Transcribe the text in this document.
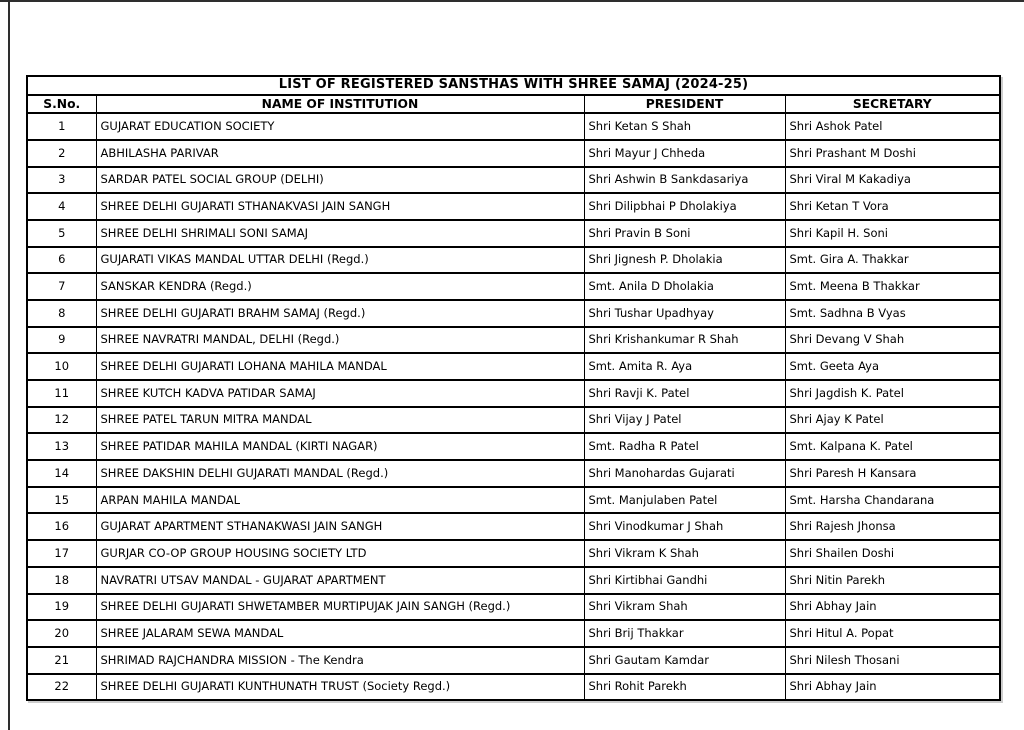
LIST OF REGISTERED SANSTHAS WITH SHREE SAMAJ (2024-25)			
S.No.	NAME OF INSTITUTION	PRESIDENT	SECRETARY
1	GUJARAT EDUCATION SOCIETY	Shri Ketan S Shah	Shri Ashok Patel
2	ABHILASHA PARIVAR	Shri Mayur J Chheda	Shri Prashant M Doshi
3	SARDAR PATEL SOCIAL GROUP (DELHI)	Shri Ashwin B Sankdasariya	Shri Viral M Kakadiya
4	SHREE DELHI GUJARATI STHANAKVASI JAIN SANGH	Shri Dilipbhai P Dholakiya	Shri Ketan T Vora
5	SHREE DELHI SHRIMALI SONI SAMAJ	Shri Pravin B Soni	Shri Kapil H. Soni
6	GUJARATI VIKAS MANDAL UTTAR DELHI (Regd.)	Shri Jignesh P. Dholakia	Smt. Gira A. Thakkar
7	SANSKAR KENDRA (Regd.)	Smt. Anila D Dholakia	Smt. Meena B Thakkar
8	SHREE DELHI GUJARATI BRAHM SAMAJ (Regd.)	Shri Tushar Upadhyay	Smt. Sadhna B Vyas
9	SHREE NAVRATRI MANDAL, DELHI (Regd.)	Shri Krishankumar R Shah	Shri Devang V Shah
10	SHREE DELHI GUJARATI LOHANA MAHILA MANDAL	Smt. Amita R. Aya	Smt. Geeta Aya
11	SHREE KUTCH KADVA PATIDAR SAMAJ	Shri Ravji K. Patel	Shri Jagdish K. Patel
12	SHREE PATEL TARUN MITRA MANDAL	Shri Vijay J Patel	Shri Ajay K Patel
13	SHREE PATIDAR MAHILA MANDAL (KIRTI NAGAR)	Smt. Radha R Patel	Smt. Kalpana K. Patel
14	SHREE DAKSHIN DELHI GUJARATI MANDAL (Regd.)	Shri Manohardas Gujarati	Shri Paresh H Kansara
15	ARPAN MAHILA MANDAL	Smt. Manjulaben Patel	Smt. Harsha Chandarana
16	GUJARAT APARTMENT STHANAKWASI JAIN SANGH	Shri Vinodkumar J Shah	Shri Rajesh Jhonsa
17	GURJAR CO-OP GROUP HOUSING SOCIETY LTD	Shri Vikram K Shah	Shri Shailen Doshi
18	NAVRATRI UTSAV MANDAL - GUJARAT APARTMENT	Shri Kirtibhai Gandhi	Shri Nitin Parekh
19	SHREE DELHI GUJARATI SHWETAMBER MURTIPUJAK JAIN SANGH (Regd.)	Shri Vikram Shah	Shri Abhay Jain
20	SHREE JALARAM SEWA MANDAL	Shri Brij Thakkar	Shri Hitul A. Popat
21	SHRIMAD RAJCHANDRA MISSION - The Kendra	Shri Gautam Kamdar	Shri Nilesh Thosani
22	SHREE DELHI GUJARATI KUNTHUNATH TRUST (Society Regd.)	Shri Rohit Parekh	Shri Abhay Jain
